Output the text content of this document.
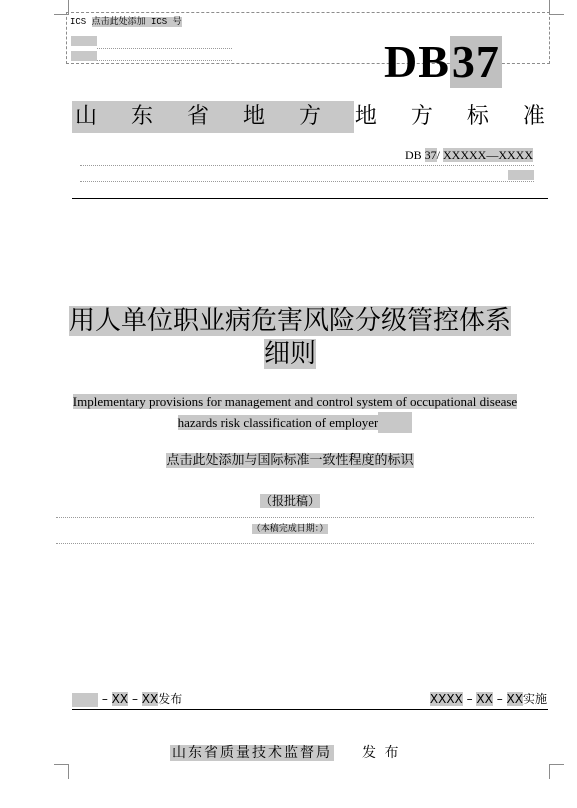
ICS 点击此处添加 ICS 号
DB37
山 东 省 地 方 地 方 标 准
DB 37/ XXXXX—XXXX
用人单位职业病危害风险分级管控体系
细则
Implementary provisions for management and control system of occupational disease
hazards risk classification of employer
点击此处添加与国际标准一致性程度的标识
（报批稿）
（本稿完成日期：）
– XX – XX发布	XXXX – XX – XX实施
山东省质量技术监督局 发 布
